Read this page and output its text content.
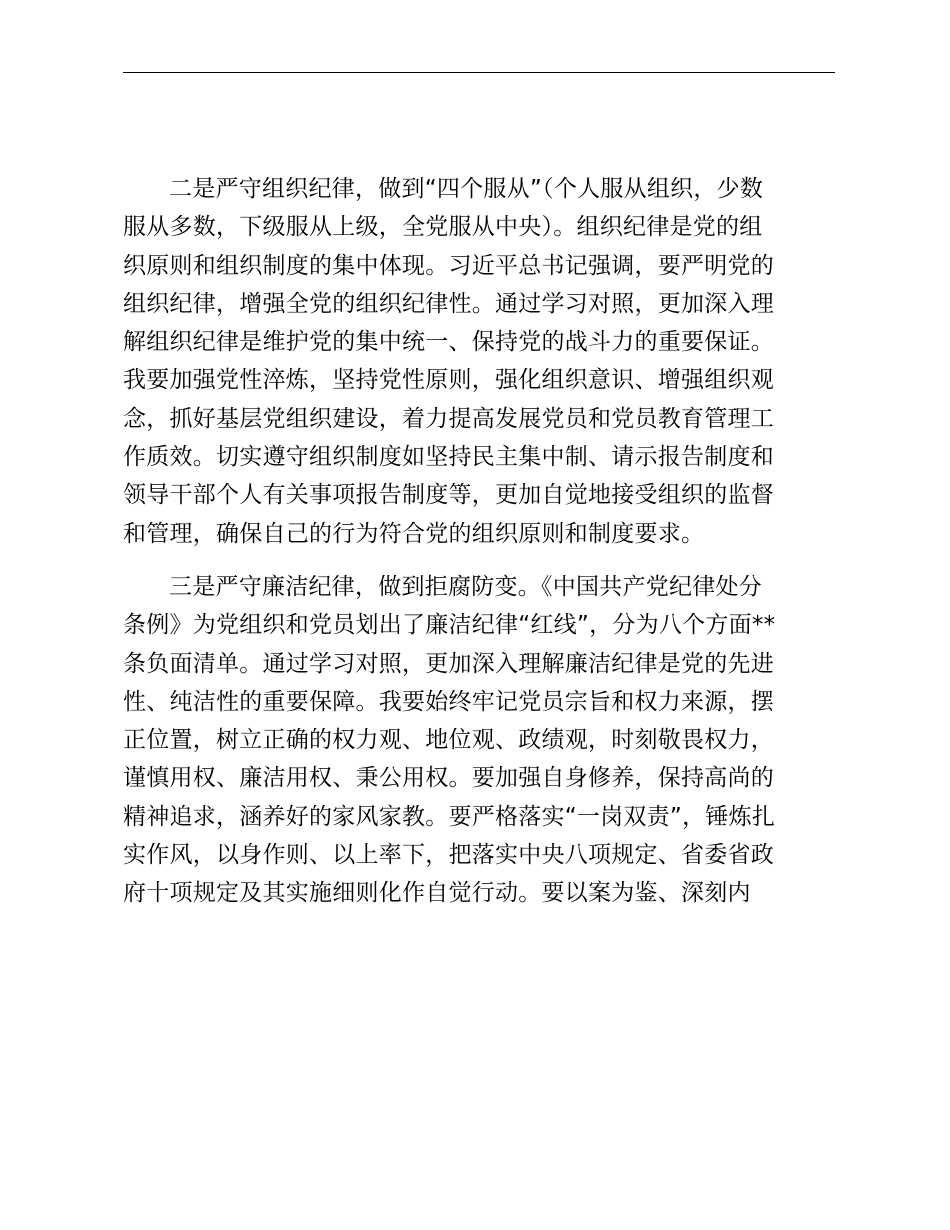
二是严守组织纪律，做到“四个服从”（个人服从组织，少数
服从多数，下级服从上级，全党服从中央）。组织纪律是党的组
织原则和组织制度的集中体现。习近平总书记强调，要严明党的
组织纪律，增强全党的组织纪律性。通过学习对照，更加深入理
解组织纪律是维护党的集中统一、保持党的战斗力的重要保证。
我要加强党性淬炼，坚持党性原则，强化组织意识、增强组织观
念，抓好基层党组织建设，着力提高发展党员和党员教育管理工
作质效。切实遵守组织制度如坚持民主集中制、请示报告制度和
领导干部个人有关事项报告制度等，更加自觉地接受组织的监督
和管理，确保自己的行为符合党的组织原则和制度要求。

三是严守廉洁纪律，做到拒腐防变。《中国共产党纪律处分
条例》为党组织和党员划出了廉洁纪律“红线”，分为八个方面**
条负面清单。通过学习对照，更加深入理解廉洁纪律是党的先进
性、纯洁性的重要保障。我要始终牢记党员宗旨和权力来源，摆
正位置，树立正确的权力观、地位观、政绩观，时刻敬畏权力，
谨慎用权、廉洁用权、秉公用权。要加强自身修养，保持高尚的
精神追求，涵养好的家风家教。要严格落实“一岗双责”，锤炼扎
实作风，以身作则、以上率下，把落实中央八项规定、省委省政
府十项规定及其实施细则化作自觉行动。要以案为鉴、深刻内
